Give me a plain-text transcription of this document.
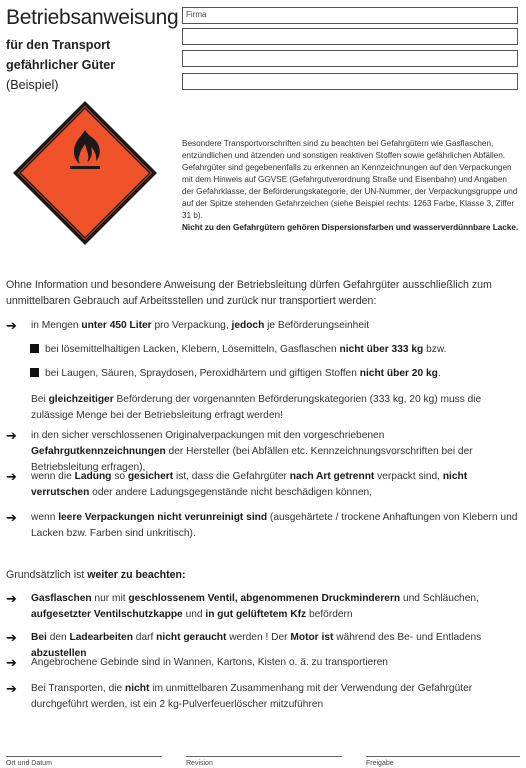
Betriebsanweisung
für den Transport
gefährlicher Güter
(Beispiel)
Firma
Besondere Transportvorschriften sind zu beachten bei Gefahrgütern wie Gasflaschen, entzündlichen und ätzenden und sonstigen reaktiven Stoffen sowie gefährlichen Abfällen. Gefahrgüter sind gegebenenfalls zu erkennen an Kennzeichnungen auf den Verpackungen mit dem Hinweis auf GGVSE (Gefahrgutverordnung Straße und Eisenbahn) und Angaben der Gefahrklasse, der Beförderungskategorie, der UN-Nummer, der Verpackungsgruppe und auf der Spitze stehenden Gefahrzeichen (siehe Beispiel rechts: 1263 Farbe, Klasse 3, Ziffer 31 b).
Nicht zu den Gefahrgütern gehören Dispersionsfarben und wasserverdünnbare Lacke.
Ohne Information und besondere Anweisung der Betriebsleitung dürfen Gefahrgüter ausschließlich zum unmittelbaren Gebrauch auf Arbeitsstellen und zurück nur transportiert werden:
➔ in Mengen unter 450 Liter pro Verpackung, jedoch je Beförderungseinheit
bei lösemittelhaltigen Lacken, Klebern, Lösemitteln, Gasflaschen nicht über 333 kg bzw.
bei Laugen, Säuren, Spraydosen, Peroxidhärtern und giftigen Stoffen nicht über 20 kg.
Bei gleichzeitiger Beförderung der vorgenannten Beförderungskategorien (333 kg, 20 kg) muss die zulässige Menge bei der Betriebsleitung erfragt werden!
➔ in den sicher verschlossenen Originalverpackungen mit den vorgeschriebenen Gefahrgutkennzeichnungen der Hersteller (bei Abfällen etc. Kennzeichnungsvorschriften bei der Betriebsleitung erfragen),
➔ wenn die Ladung so gesichert ist, dass die Gefahrgüter nach Art getrennt verpackt sind, nicht verrutschen oder andere Ladungsgegenstände nicht beschädigen können,
➔ wenn leere Verpackungen nicht verunreinigt sind (ausgehärtete / trockene Anhaftungen von Klebern und Lacken bzw. Farben sind unkritisch).
Grundsätzlich ist weiter zu beachten:
➔ Gasflaschen nur mit geschlossenem Ventil, abgenommenen Druckminderern und Schläuchen, aufgesetzter Ventilschutzkappe und in gut gelüftetem Kfz befördern
➔ Bei den Ladearbeiten darf nicht geraucht werden ! Der Motor ist während des Be- und Entladens abzustellen
➔ Angebrochene Gebinde sind in Wannen, Kartons, Kisten o. ä. zu transportieren
➔ Bei Transporten, die nicht im unmittelbaren Zusammenhang mit der Verwendung der Gefahrgüter durchgeführt werden, ist ein 2 kg-Pulverfeuerlöscher mitzuführen
Ort und Datum	Revision	Freigabe
